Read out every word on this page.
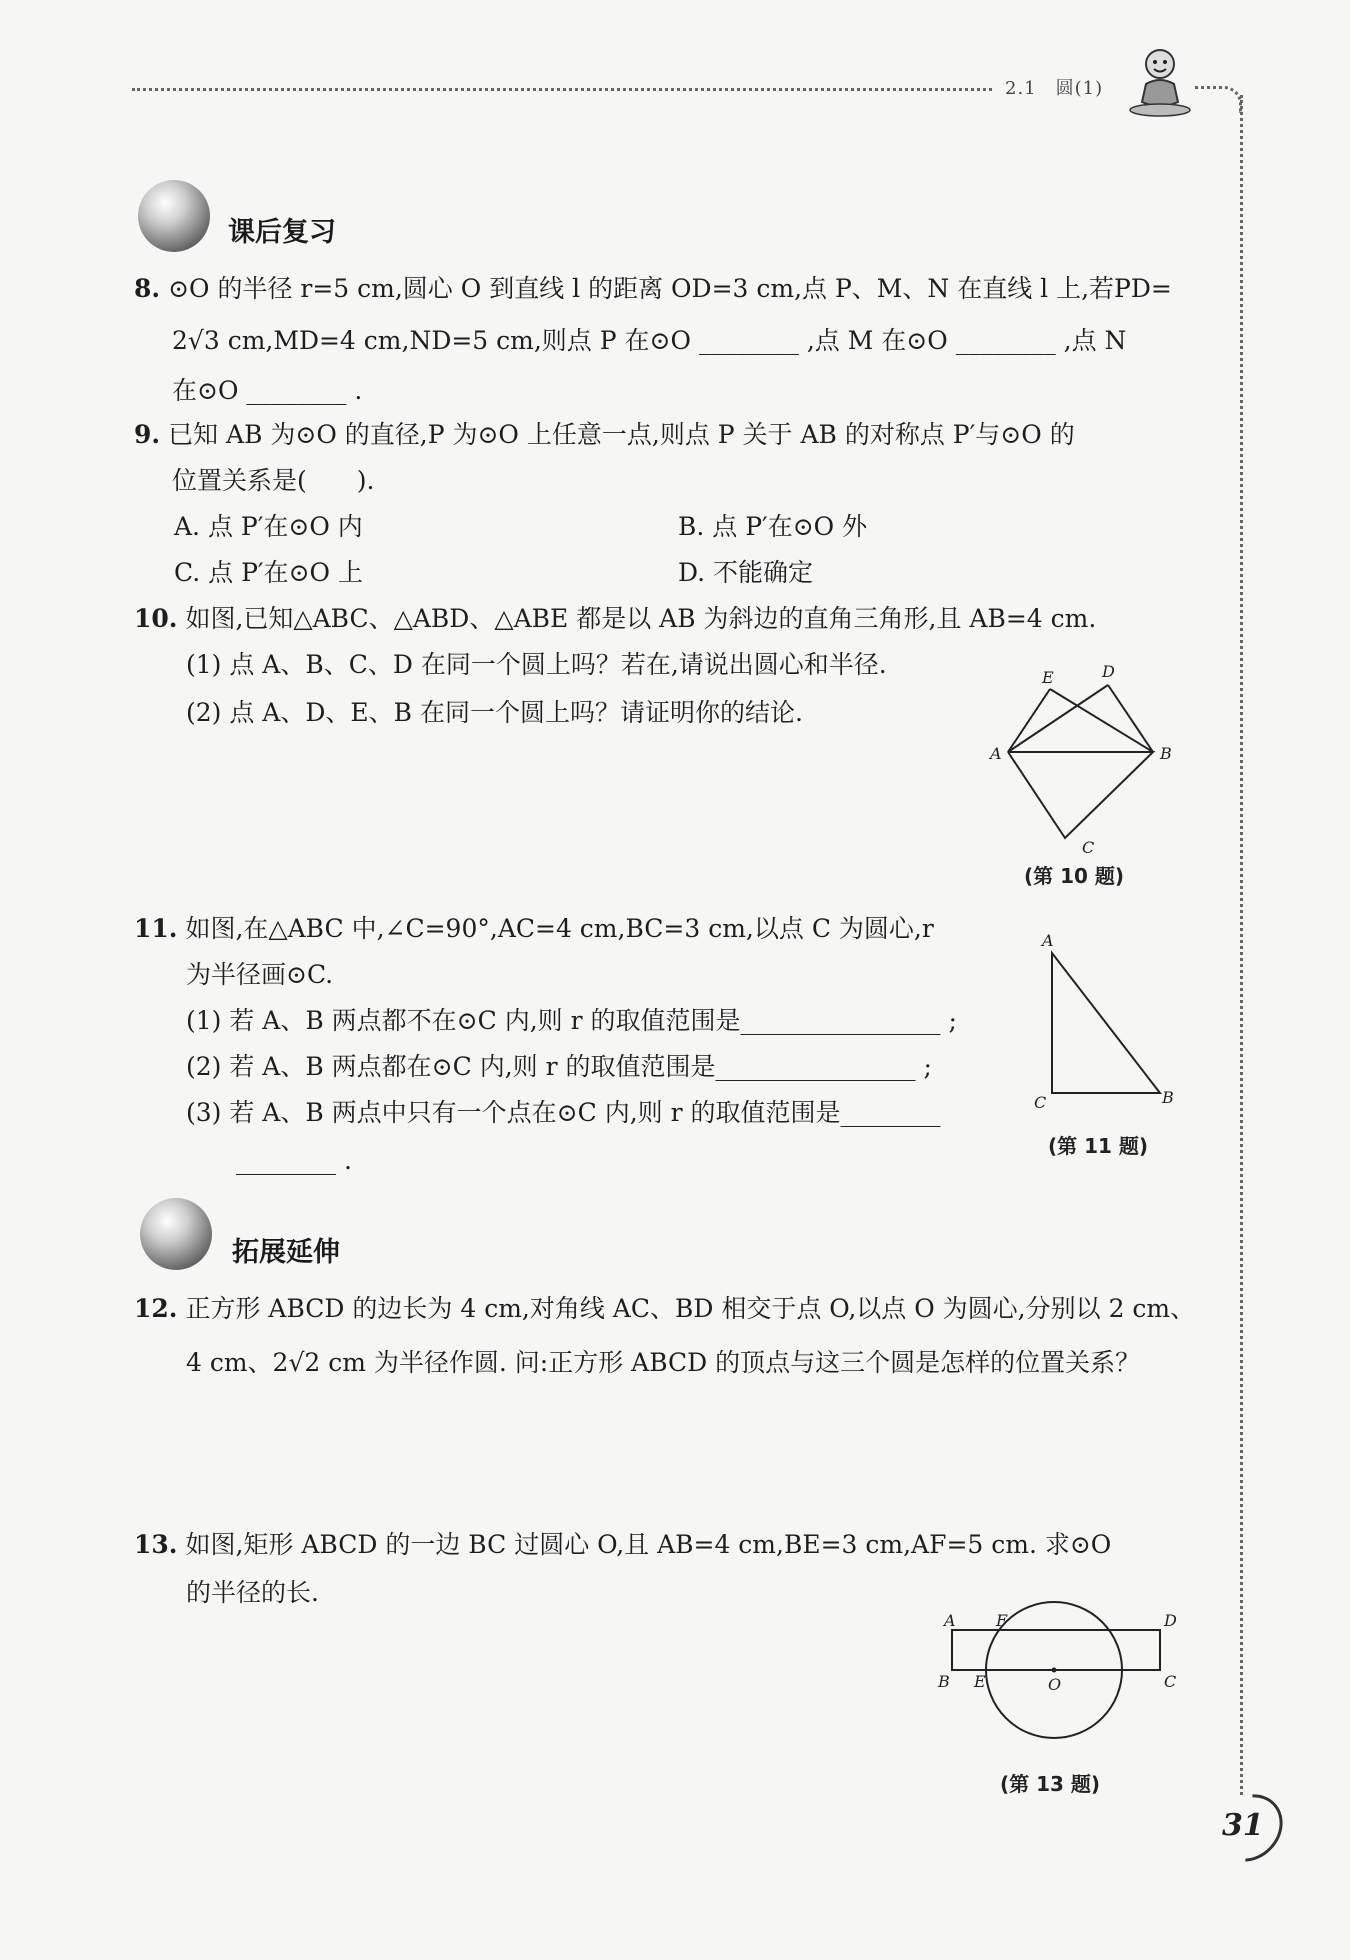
2.1　圆(1)
课后复习
8. ⊙O 的半径 r=5 cm,圆心 O 到直线 l 的距离 OD=3 cm,点 P、M、N 在直线 l 上,若PD=
2√3 cm,MD=4 cm,ND=5 cm,则点 P 在⊙O ________ ,点 M 在⊙O ________ ,点 N
在⊙O ________ .
9. 已知 AB 为⊙O 的直径,P 为⊙O 上任意一点,则点 P 关于 AB 的对称点 P′与⊙O 的
位置关系是(　　).
A. 点 P′在⊙O 内	B. 点 P′在⊙O 外
C. 点 P′在⊙O 上	D. 不能确定
10. 如图,已知△ABC、△ABD、△ABE 都是以 AB 为斜边的直角三角形,且 AB=4 cm.
(1) 点 A、B、C、D 在同一个圆上吗？若在,请说出圆心和半径.
(2) 点 A、D、E、B 在同一个圆上吗？请证明你的结论.
A	B
C
D
E
(第 10 题)
11. 如图,在△ABC 中,∠C=90°,AC=4 cm,BC=3 cm,以点 C 为圆心,r
为半径画⊙C.
(1) 若 A、B 两点都不在⊙C 内,则 r 的取值范围是________________ ;
(2) 若 A、B 两点都在⊙C 内,则 r 的取值范围是________________ ;
(3) 若 A、B 两点中只有一个点在⊙C 内,则 r 的取值范围是________
________ .
A
C	B
(第 11 题)
拓展延伸
12. 正方形 ABCD 的边长为 4 cm,对角线 AC、BD 相交于点 O,以点 O 为圆心,分别以 2 cm、
4 cm、2√2 cm 为半径作圆. 问:正方形 ABCD 的顶点与这三个圆是怎样的位置关系？
13. 如图,矩形 ABCD 的一边 BC 过圆心 O,且 AB=4 cm,BE=3 cm,AF=5 cm. 求⊙O
的半径的长.
A	F	D
B E	O	C
(第 13 题)
31
